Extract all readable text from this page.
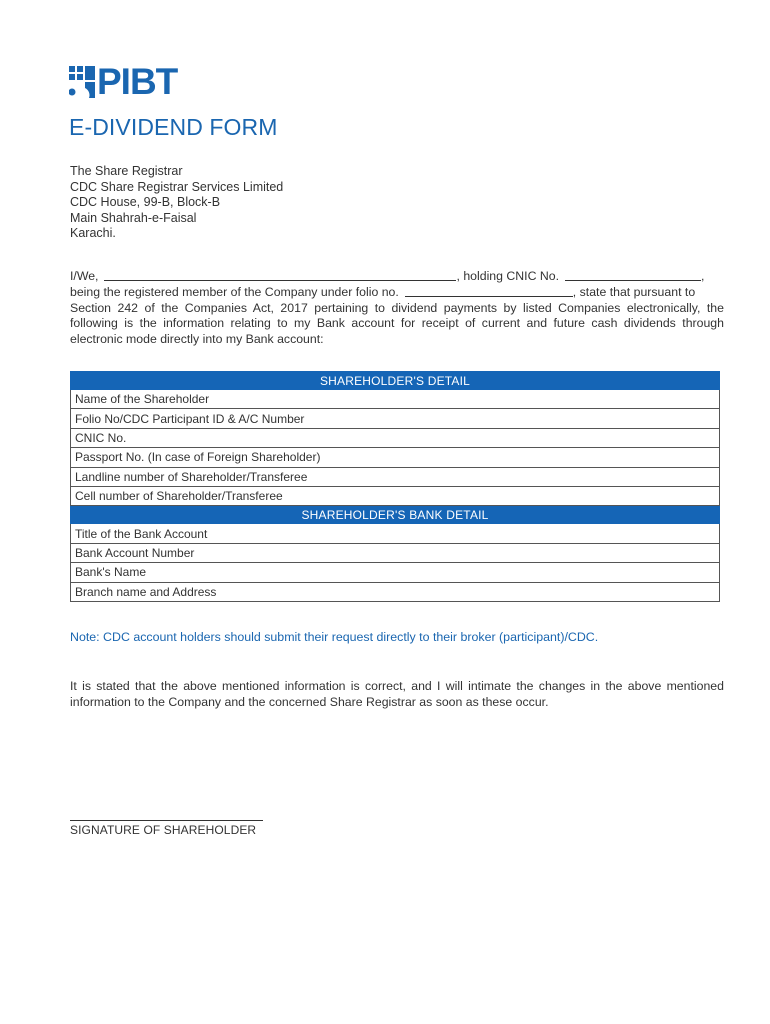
PIBT
E-DIVIDEND FORM
The Share Registrar
CDC Share Registrar Services Limited
CDC House, 99-B, Block-B
Main Shahrah-e-Faisal
Karachi.
I/We,	, holding CNIC No.	,
being the registered member of the Company under folio no.	, state that pursuant to
Section 242 of the Companies Act, 2017 pertaining to dividend payments by listed Companies electronically, the
following is the information relating to my Bank account for receipt of current and future cash dividends through
electronic mode directly into my Bank account:
SHAREHOLDER'S DETAIL
Name of the Shareholder
Folio No/CDC Participant ID & A/C Number
CNIC No.
Passport No. (In case of Foreign Shareholder)
Landline number of Shareholder/Transferee
Cell number of Shareholder/Transferee
SHAREHOLDER'S BANK DETAIL
Title of the Bank Account
Bank Account Number
Bank's Name
Branch name and Address
Note: CDC account holders should submit their request directly to their broker (participant)/CDC.
It is stated that the above mentioned information is correct, and I will intimate the changes in the above mentioned
information to the Company and the concerned Share Registrar as soon as these occur.
SIGNATURE OF SHAREHOLDER
